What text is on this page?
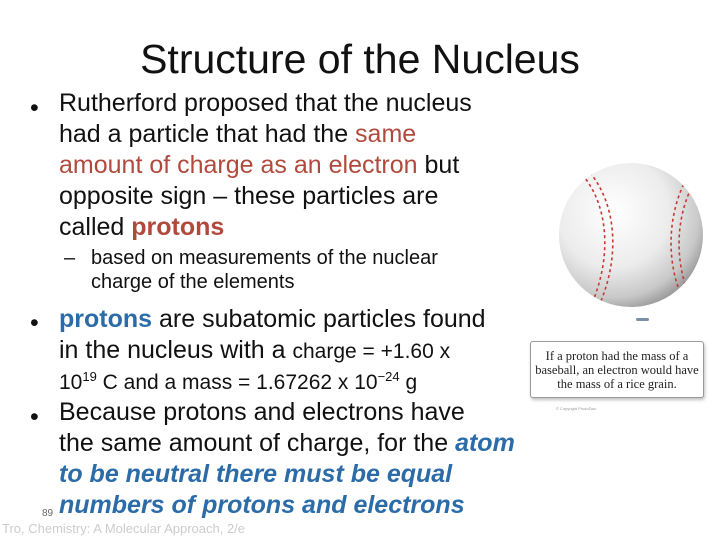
Structure of the Nucleus
• Rutherford proposed that the nucleus
had a particle that had the same
amount of charge as an electron but
opposite sign – these particles are
called protons
– based on measurements of the nuclear
charge of the elements
• protons are subatomic particles found
in the nucleus with a charge = +1.60 x
$10^{19}$ C and a mass = 1.67262 x $10^{-24}$ g
• Because protons and electrons have
the same amount of charge, for the atom
to be neutral there must be equal
numbers of protons and electrons
If a proton had the mass of a baseball, an electron would have the mass of a rice grain.
© Copyright PhotoDisc
89
Tro, Chemistry: A Molecular Approach, 2/e
